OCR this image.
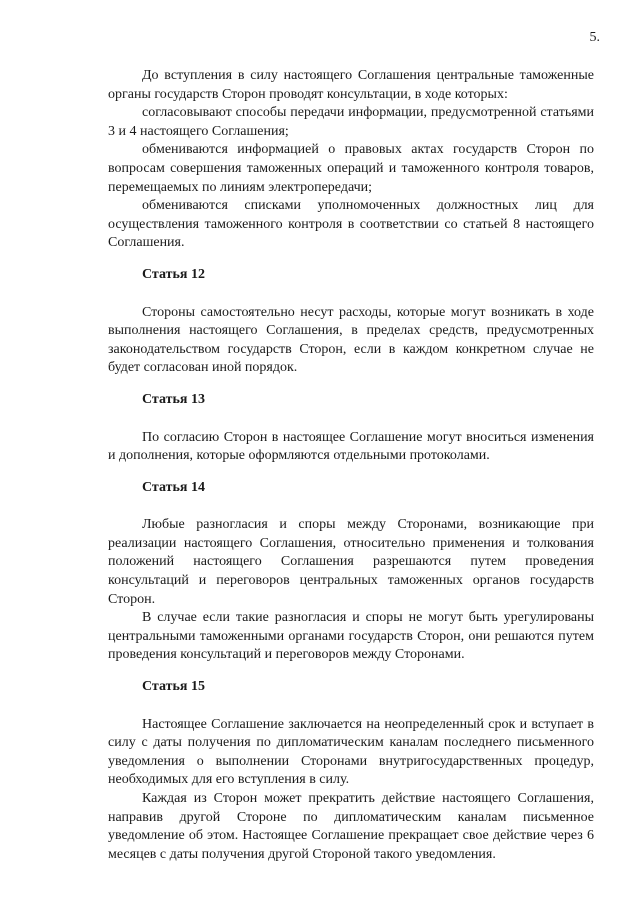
5.

До вступления в силу настоящего Соглашения центральные таможенные органы государств Сторон проводят консультации, в ходе которых:

согласовывают способы передачи информации, предусмотренной статьями 3 и 4 настоящего Соглашения;

обмениваются информацией о правовых актах государств Сторон по вопросам совершения таможенных операций и таможенного контроля товаров, перемещаемых по линиям электропередачи;

обмениваются списками уполномоченных должностных лиц для осуществления таможенного контроля в соответствии со статьей 8 настоящего Соглашения.

Статья 12

Стороны самостоятельно несут расходы, которые могут возникать в ходе выполнения настоящего Соглашения, в пределах средств, предусмотренных законодательством государств Сторон, если в каждом конкретном случае не будет согласован иной порядок.

Статья 13

По согласию Сторон в настоящее Соглашение могут вноситься изменения и дополнения, которые оформляются отдельными протоколами.

Статья 14

Любые разногласия и споры между Сторонами, возникающие при реализации настоящего Соглашения, относительно применения и толкования положений настоящего Соглашения разрешаются путем проведения консультаций и переговоров центральных таможенных органов государств Сторон.

В случае если такие разногласия и споры не могут быть урегулированы центральными таможенными органами государств Сторон, они решаются путем проведения консультаций и переговоров между Сторонами.

Статья 15

Настоящее Соглашение заключается на неопределенный срок и вступает в силу с даты получения по дипломатическим каналам последнего письменного уведомления о выполнении Сторонами внутригосударственных процедур, необходимых для его вступления в силу.

Каждая из Сторон может прекратить действие настоящего Соглашения, направив другой Стороне по дипломатическим каналам письменное уведомление об этом. Настоящее Соглашение прекращает свое действие через 6 месяцев с даты получения другой Стороной такого уведомления.
